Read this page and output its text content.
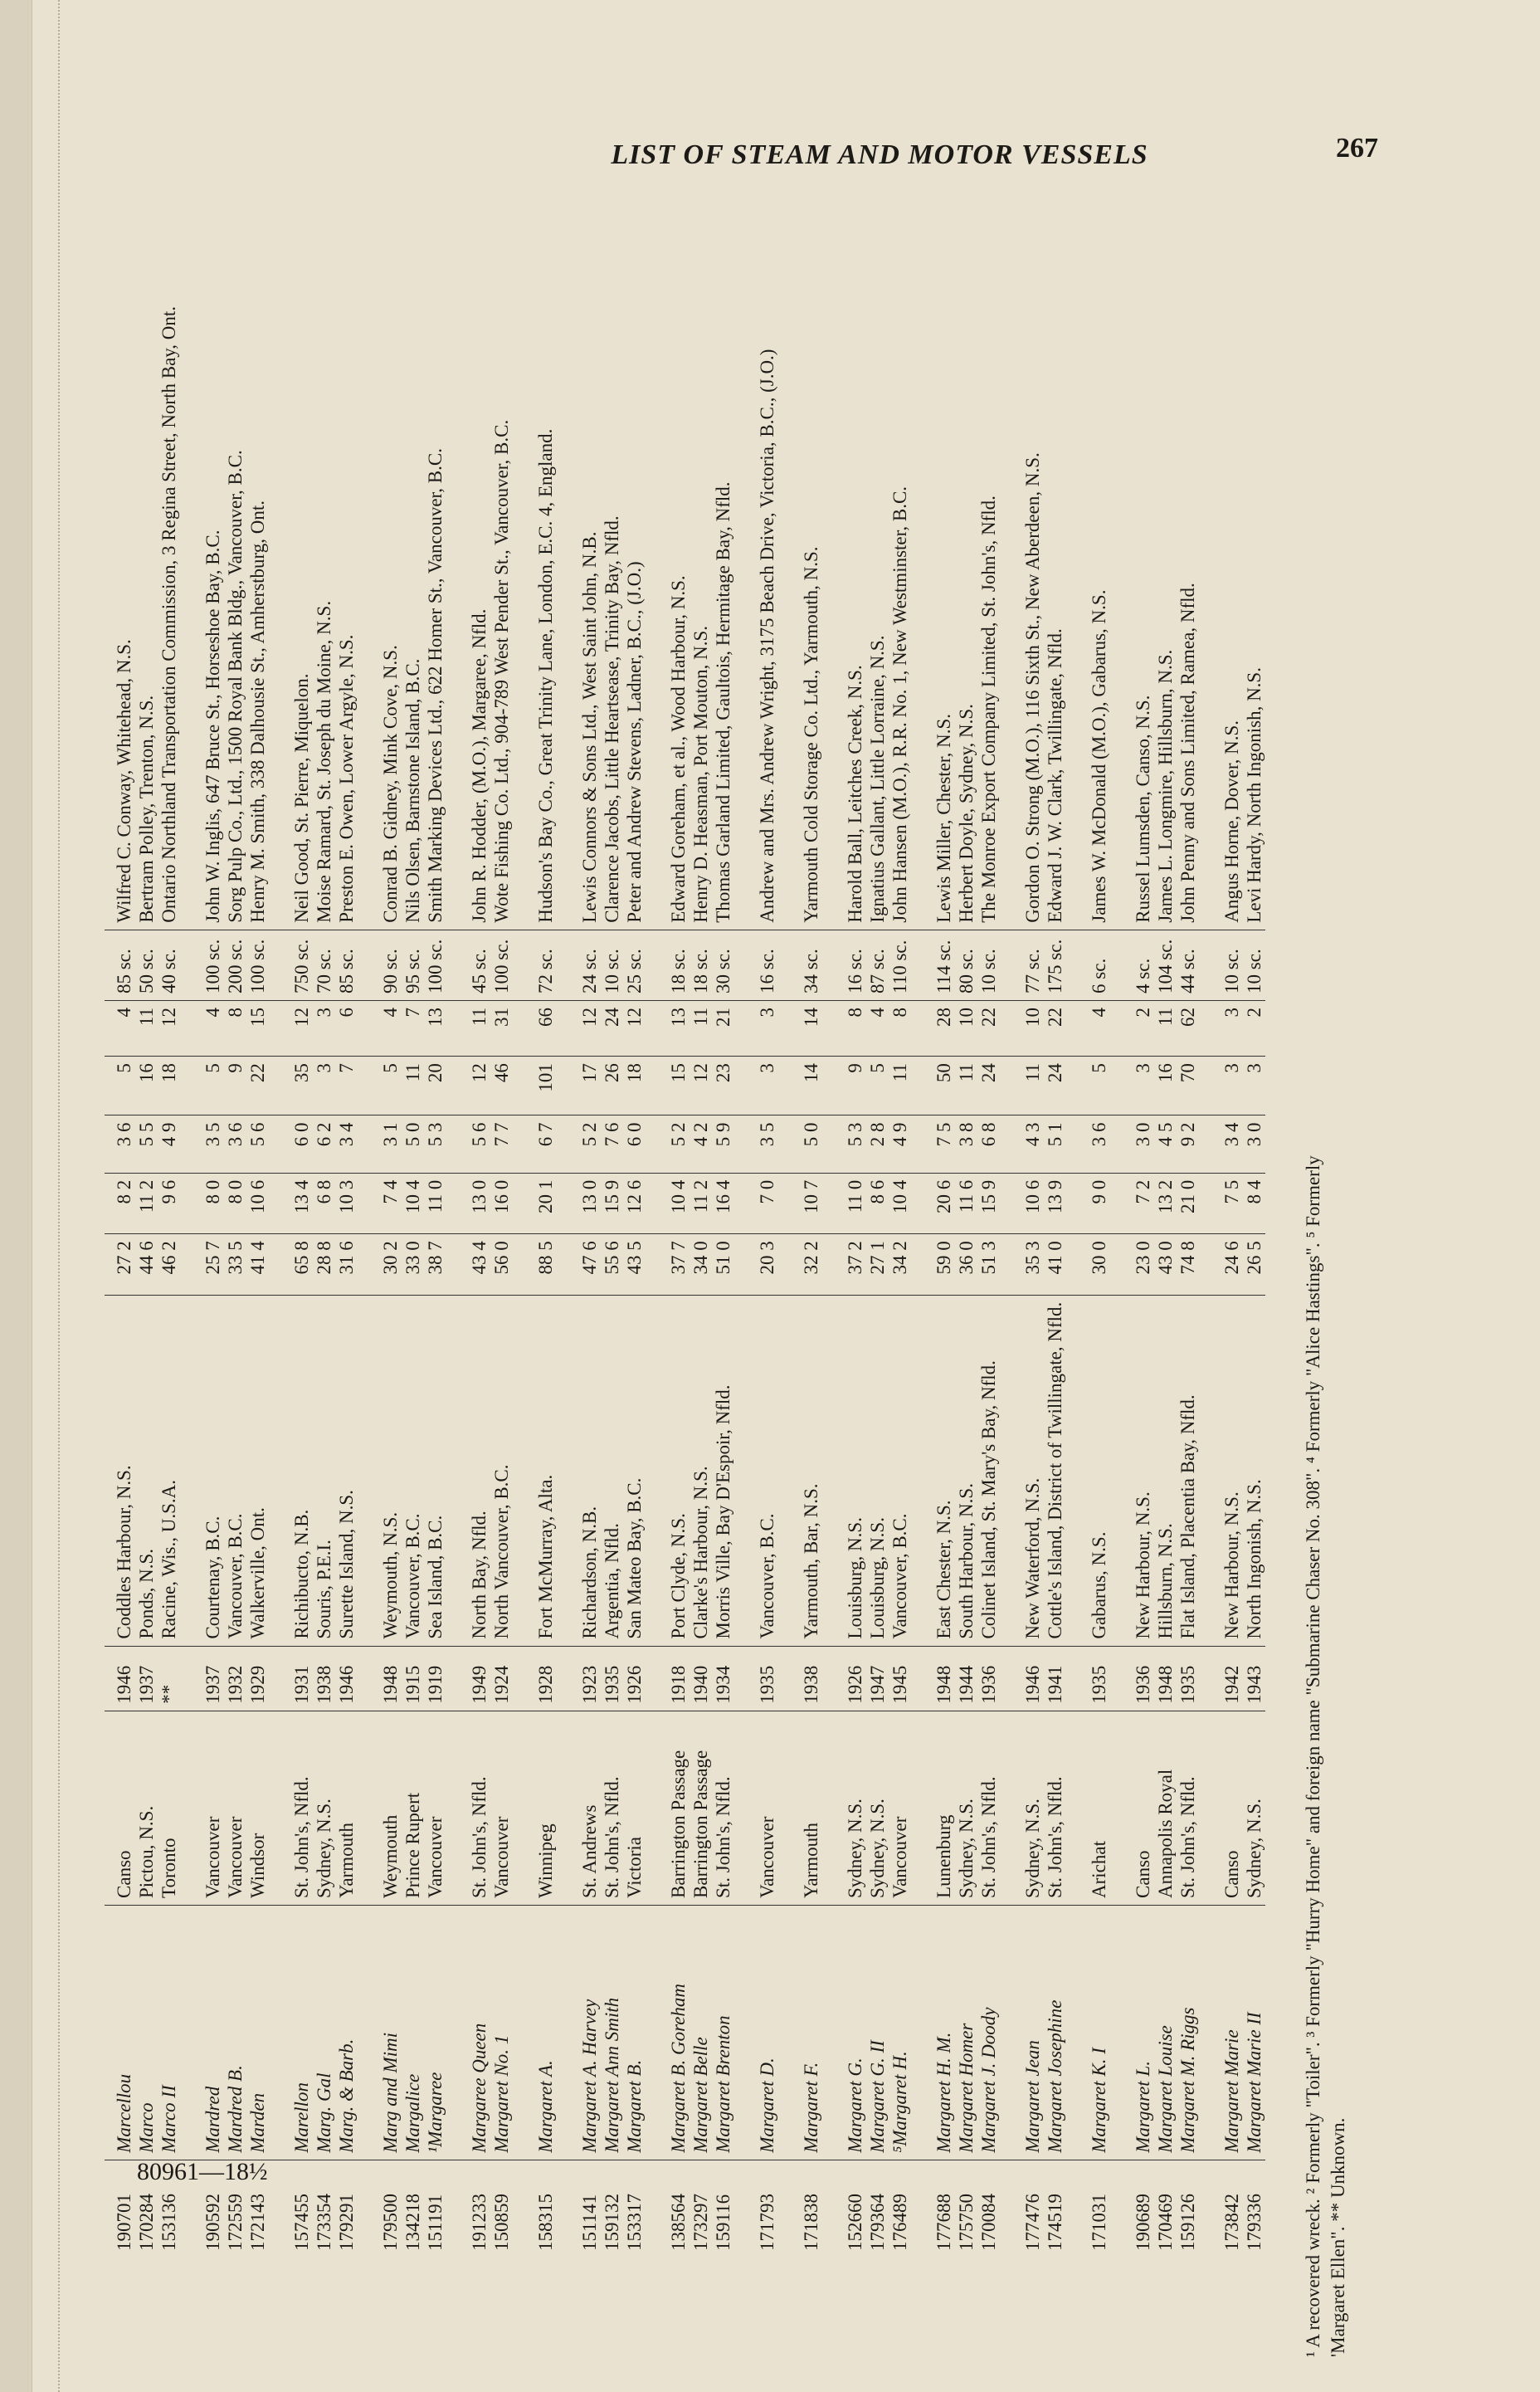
LIST OF STEAM AND MOTOR VESSELS	267

190701	Marcellou	Canso	1946	Coddles Harbour, N.S.	27 2	8 2	3 6	5	4	85 sc.	Wilfred C. Conway, Whitehead, N.S.
170284	Marco	Pictou, N.S.	1937	Ponds, N.S.	44 6	11 2	5 5	16	11	50 sc.	Bertram Polley, Trenton, N.S.
153136	Marco II	Toronto	**	Racine, Wis., U.S.A.	46 2	9 6	4 9	18	12	40 sc.	Ontario Northland Transportation Commission, 3 Regina Street, North Bay, Ont.
190592	Mardred	Vancouver	1937	Courtenay, B.C.	25 7	8 0	3 5	5	4	100 sc.	John W. Inglis, 647 Bruce St., Horseshoe Bay, B.C.
172559	Mardred B.	Vancouver	1932	Vancouver, B.C.	33 5	8 0	3 6	9	8	200 sc.	Sorg Pulp Co., Ltd., 1500 Royal Bank Bldg., Vancouver, B.C.
172143	Marden	Windsor	1929	Walkerville, Ont.	41 4	10 6	5 6	22	15	100 sc.	Henry M. Smith, 338 Dalhousie St., Amherstburg, Ont.
157455	Marellon	St. John's, Nfld.	1931	Richibucto, N.B.	65 8	13 4	6 0	35	12	750 sc.	Neil Good, St. Pierre, Miquelon.
173354	Marg. Gal	Sydney, N.S.	1938	Souris, P.E.I.	28 8	6 8	6 2	3	3	70 sc.	Moise Ramard, St. Joseph du Moine, N.S.
179291	Marg. & Barb.	Yarmouth	1946	Surette Island, N.S.	31 6	10 3	3 4	7	6	85 sc.	Preston E. Owen, Lower Argyle, N.S.
179500	Marg and Mimi	Weymouth	1948	Weymouth, N.S.	30 2	7 4	3 1	5	4	90 sc.	Conrad B. Gidney, Mink Cove, N.S.
134218	Margalice	Prince Rupert	1915	Vancouver, B.C.	33 0	10 4	5 0	11	7	95 sc.	Nils Olsen, Barnstone Island, B.C.
151191	¹Margaree	Vancouver	1919	Sea Island, B.C.	38 7	11 0	5 3	20	13	100 sc.	Smith Marking Devices Ltd., 622 Homer St., Vancouver, B.C.
191233	Margaree Queen	St. John's, Nfld.	1949	North Bay, Nfld.	43 4	13 0	5 6	12	11	45 sc.	John R. Hodder, (M.O.), Margaree, Nfld.
150859	Margaret No. 1	Vancouver	1924	North Vancouver, B.C.	56 0	16 0	7 7	46	31	100 sc.	Wote Fishing Co. Ltd., 904-789 West Pender St., Vancouver, B.C.
158315	Margaret A.	Winnipeg	1928	Fort McMurray, Alta.	88 5	20 1	6 7	101	66	72 sc.	Hudson's Bay Co., Great Trinity Lane, London, E.C. 4, England.
151141	Margaret A. Harvey	St. Andrews	1923	Richardson, N.B.	47 6	13 0	5 2	17	12	24 sc.	Lewis Connors & Sons Ltd., West Saint John, N.B.
159132	Margaret Ann Smith	St. John's, Nfld.	1935	Argentia, Nfld.	55 6	15 9	7 6	26	24	10 sc.	Clarence Jacobs, Little Heartsease, Trinity Bay, Nfld.
153317	Margaret B.	Victoria	1926	San Mateo Bay, B.C.	43 5	12 6	6 0	18	12	25 sc.	Peter and Andrew Stevens, Ladner, B.C., (J.O.)
138564	Margaret B. Goreham	Barrington Passage	1918	Port Clyde, N.S.	37 7	10 4	5 2	15	13	18 sc.	Edward Goreham, et al., Wood Harbour, N.S.
173297	Margaret Belle	Barrington Passage	1940	Clarke's Harbour, N.S.	34 0	11 2	4 2	12	11	18 sc.	Henry D. Heasman, Port Mouton, N.S.
159116	Margaret Brenton	St. John's, Nfld.	1934	Morris Ville, Bay D'Espoir, Nfld.	51 0	16 4	5 9	23	21	30 sc.	Thomas Garland Limited, Gaultois, Hermitage Bay, Nfld.
171793	Margaret D.	Vancouver	1935	Vancouver, B.C.	20 3	7 0	3 5	3	3	16 sc.	Andrew and Mrs. Andrew Wright, 3175 Beach Drive, Victoria, B.C., (J.O.)
171838	Margaret F.	Yarmouth	1938	Yarmouth, Bar, N.S.	32 2	10 7	5 0	14	14	34 sc.	Yarmouth Cold Storage Co. Ltd., Yarmouth, N.S.
152660	Margaret G.	Sydney, N.S.	1926	Louisburg, N.S.	37 2	11 0	5 3	9	8	16 sc.	Harold Ball, Leitches Creek, N.S.
179364	Margaret G. II	Sydney, N.S.	1947	Louisburg, N.S.	27 1	8 6	2 8	5	4	87 sc.	Ignatius Gallant, Little Lorraine, N.S.
176489	⁵Margaret H.	Vancouver	1945	Vancouver, B.C.	34 2	10 4	4 9	11	8	110 sc.	John Hansen (M.O.), R.R. No. 1, New Westminster, B.C.
177688	Margaret H. M.	Lunenburg	1948	East Chester, N.S.	59 0	20 6	7 5	50	28	114 sc.	Lewis Miller, Chester, N.S.
175750	Margaret Homer	Sydney, N.S.	1944	South Harbour, N.S.	36 0	11 6	3 8	11	10	80 sc.	Herbert Doyle, Sydney, N.S.
170084	Margaret J. Doody	St. John's, Nfld.	1936	Colinet Island, St. Mary's Bay, Nfld.	51 3	15 9	6 8	24	22	10 sc.	The Monroe Export Company Limited, St. John's, Nfld.
177476	Margaret Jean	Sydney, N.S.	1946	New Waterford, N.S.	35 3	10 6	4 3	11	10	77 sc.	Gordon O. Strong (M.O.), 116 Sixth St., New Aberdeen, N.S.
174519	Margaret Josephine	St. John's, Nfld.	1941	Cottle's Island, District of Twillingate, Nfld.	41 0	13 9	5 1	24	22	175 sc.	Edward J. W. Clark, Twillingate, Nfld.
171031	Margaret K. I	Arichat	1935	Gabarus, N.S.	30 0	9 0	3 6	5	4	6 sc.	James W. McDonald (M.O.), Gabarus, N.S.
190689	Margaret L.	Canso	1936	New Harbour, N.S.	23 0	7 2	3 0	3	2	4 sc.	Russel Lumsden, Canso, N.S.
170469	Margaret Louise	Annapolis Royal	1948	Hillsburn, N.S.	43 0	13 2	4 5	16	11	104 sc.	James L. Longmire, Hillsburn, N.S.
159126	Margaret M. Riggs	St. John's, Nfld.	1935	Flat Island, Placentia Bay, Nfld.	74 8	21 0	9 2	70	62	44 sc.	John Penny and Sons Limited, Ramea, Nfld.
173842	Margaret Marie	Canso	1942	New Harbour, N.S.	24 6	7 5	3 4	3	3	10 sc.	Angus Horne, Dover, N.S.
179336	Margaret Marie II	Sydney, N.S.	1943	North Ingonish, N.S.	26 5	8 4	3 0	3	2	10 sc.	Levi Hardy, North Ingonish, N.S.
¹ A recovered wreck. ² Formerly "Toiler". ³ Formerly "Hurry Home" and foreign name "Submarine Chaser No. 308". ⁴ Formerly "Alice Hastings". ⁵ Formerly 'Margaret Ellen". ** Unknown.
80961—18½
